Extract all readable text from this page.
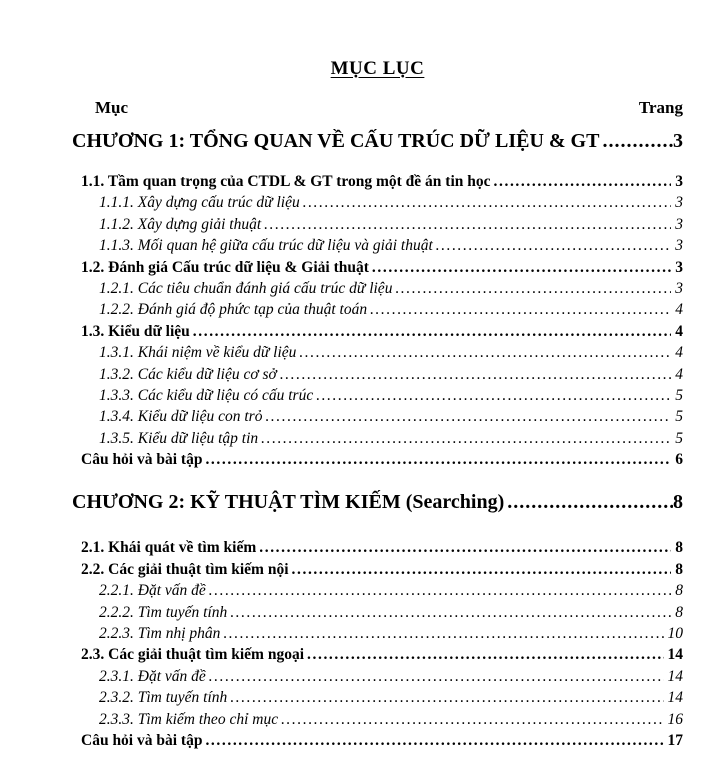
MỤC LỤC
Mục	Trang
CHƯƠNG 1: TỔNG QUAN VỀ CẤU TRÚC DỮ LIỆU & GT .....	3
1.1. Tầm quan trọng của CTDL & GT trong một đề án tin học .....	3
1.1.1. Xây dựng cấu trúc dữ liệu .....	3
1.1.2. Xây dựng giải thuật .....	3
1.1.3. Mối quan hệ giữa cấu trúc dữ liệu và giải thuật .....	3
1.2. Đánh giá Cấu trúc dữ liệu & Giải thuật .....	3
1.2.1. Các tiêu chuẩn đánh giá cấu trúc dữ liệu .....	3
1.2.2. Đánh giá độ phức tạp của thuật toán .....	4
1.3. Kiểu dữ liệu .....	4
1.3.1. Khái niệm về kiểu dữ liệu .....	4
1.3.2. Các kiểu dữ liệu cơ sở .....	4
1.3.3. Các kiểu dữ liệu có cấu trúc .....	5
1.3.4. Kiểu dữ liệu con trỏ .....	5
1.3.5. Kiểu dữ liệu tập tin .....	5
Câu hỏi và bài tập .....	6
CHƯƠNG 2: KỸ THUẬT TÌM KIẾM (Searching) .....	8
2.1. Khái quát về tìm kiếm .....	8
2.2. Các giải thuật tìm kiếm nội .....	8
2.2.1. Đặt vấn đề .....	8
2.2.2. Tìm tuyến tính .....	8
2.2.3. Tìm nhị phân .....	10
2.3. Các giải thuật tìm kiếm ngoại .....	14
2.3.1. Đặt vấn đề .....	14
2.3.2. Tìm tuyến tính .....	14
2.3.3. Tìm kiếm theo chỉ mục .....	16
Câu hỏi và bài tập .....	17
